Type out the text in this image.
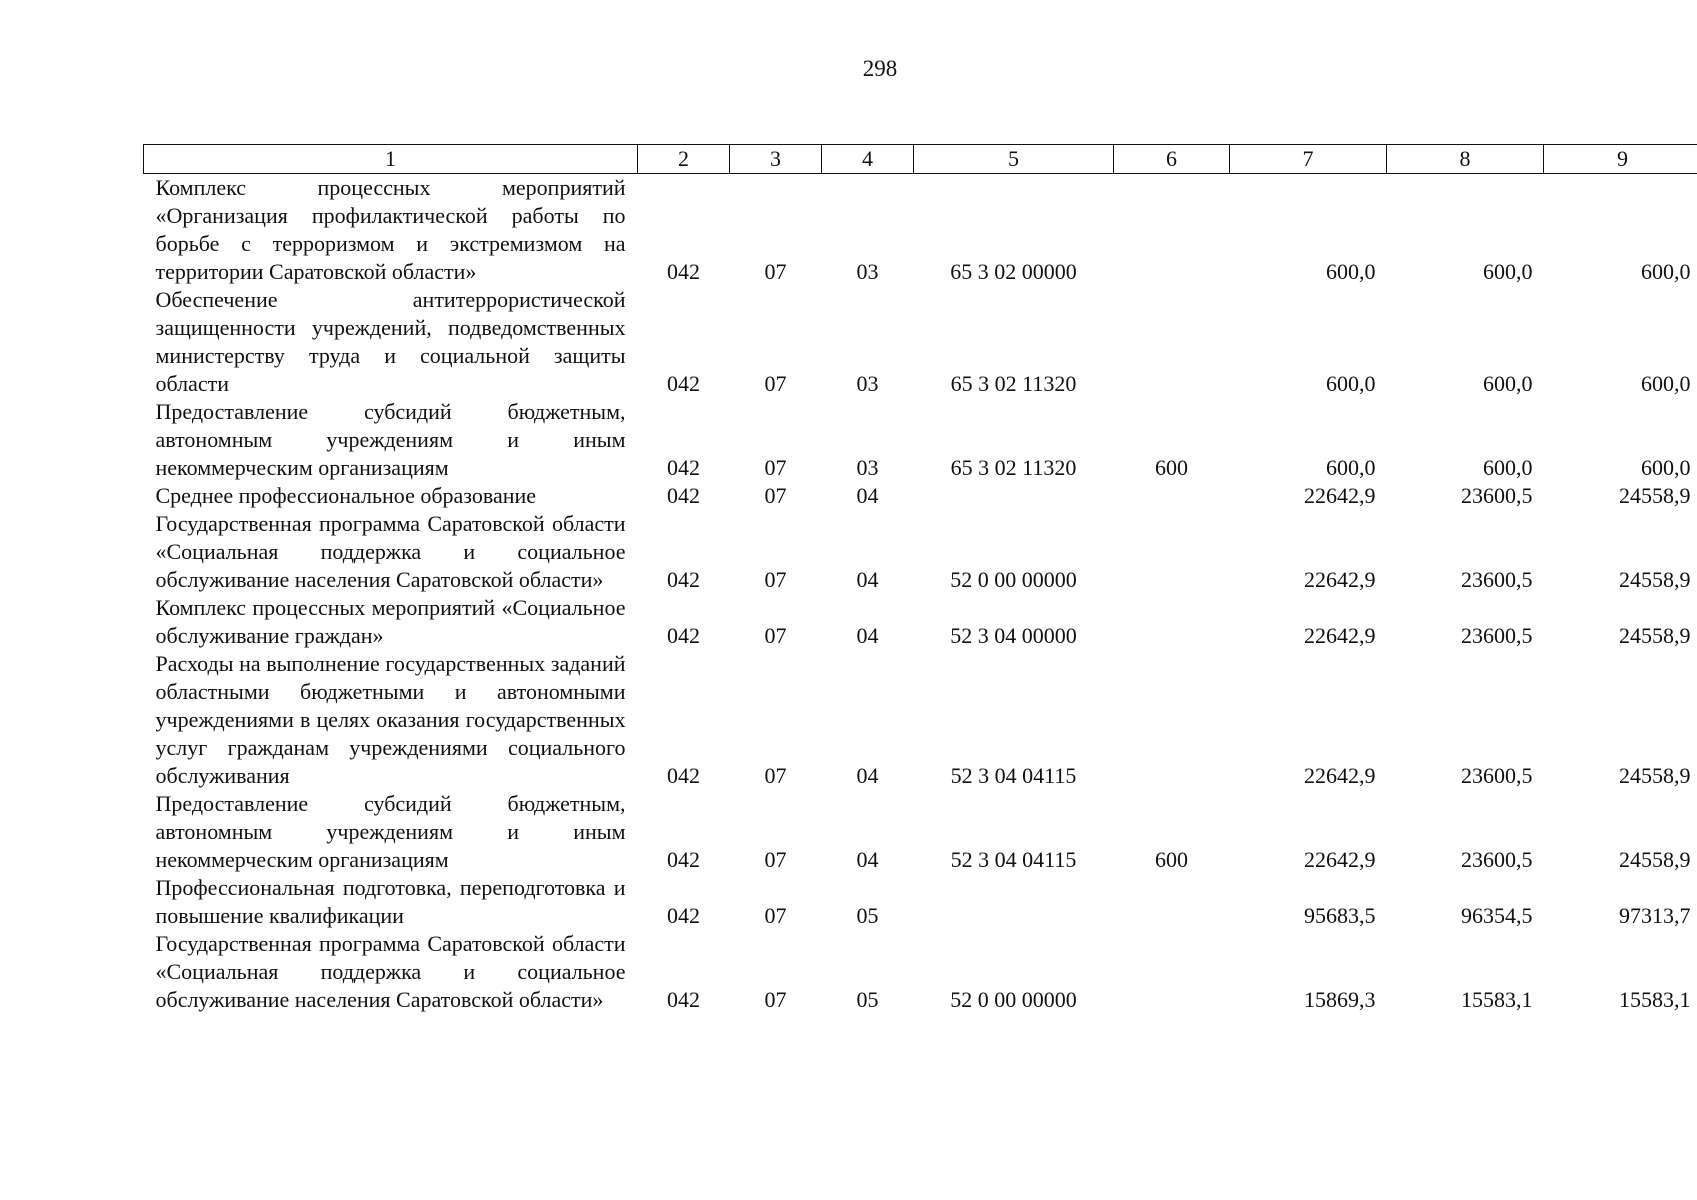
298
1	2	3	4	5	6	7	8	9
Комплекс процессных мероприятий «Организация профилактической работы по борьбе с терроризмом и экстремизмом на территории Саратовской области»	042	07	03	65 3 02 00000		600,0	600,0	600,0
Обеспечение антитеррористической защищенности учреждений, подведомственных министерству труда и социальной защиты области	042	07	03	65 3 02 11320		600,0	600,0	600,0
Предоставление субсидий бюджетным, автономным учреждениям и иным некоммерческим организациям	042	07	03	65 3 02 11320	600	600,0	600,0	600,0
Среднее профессиональное образование	042	07	04			22642,9	23600,5	24558,9
Государственная программа Саратовской области «Социальная поддержка и социальное обслуживание населения Саратовской области»	042	07	04	52 0 00 00000		22642,9	23600,5	24558,9
Комплекс процессных мероприятий «Социальное обслуживание граждан»	042	07	04	52 3 04 00000		22642,9	23600,5	24558,9
Расходы на выполнение государственных заданий областными бюджетными и автономными учреждениями в целях оказания государственных услуг гражданам учреждениями социального обслуживания	042	07	04	52 3 04 04115		22642,9	23600,5	24558,9
Предоставление субсидий бюджетным, автономным учреждениям и иным некоммерческим организациям	042	07	04	52 3 04 04115	600	22642,9	23600,5	24558,9
Профессиональная подготовка, переподготовка и повышение квалификации	042	07	05			95683,5	96354,5	97313,7
Государственная программа Саратовской области «Социальная поддержка и социальное обслуживание населения Саратовской области»	042	07	05	52 0 00 00000		15869,3	15583,1	15583,1
